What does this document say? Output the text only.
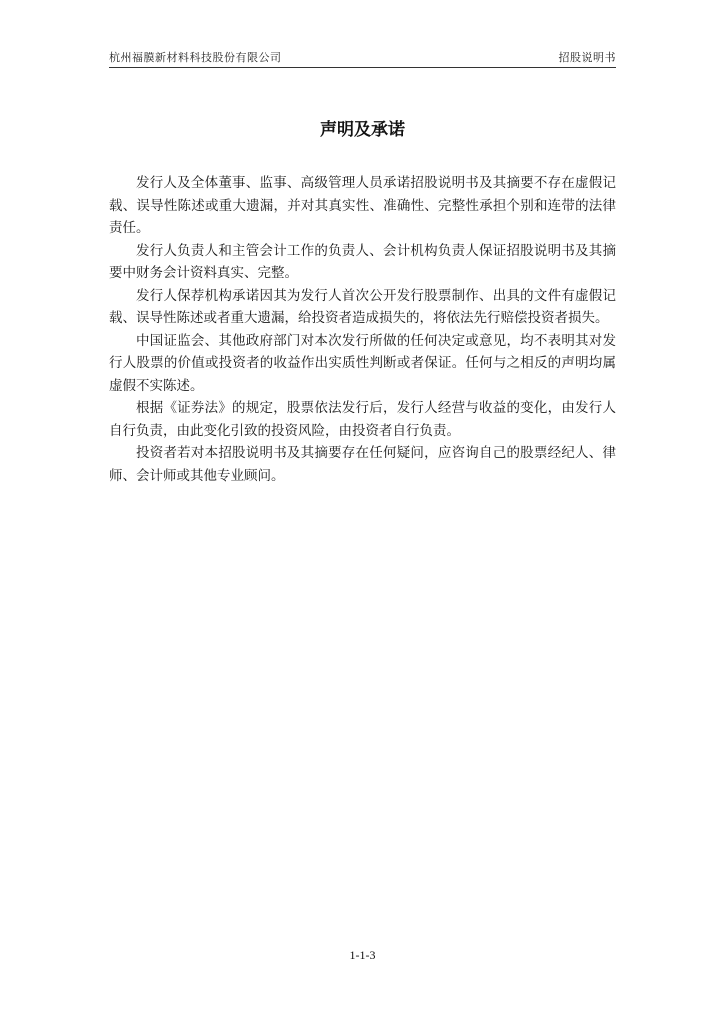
杭州福膜新材料科技股份有限公司	招股说明书
声明及承诺

发行人及全体董事、监事、高级管理人员承诺招股说明书及其摘要不存在虚假记载、误导性陈述或重大遗漏，并对其真实性、准确性、完整性承担个别和连带的法律责任。

发行人负责人和主管会计工作的负责人、会计机构负责人保证招股说明书及其摘要中财务会计资料真实、完整。

发行人保荐机构承诺因其为发行人首次公开发行股票制作、出具的文件有虚假记载、误导性陈述或者重大遗漏，给投资者造成损失的，将依法先行赔偿投资者损失。

中国证监会、其他政府部门对本次发行所做的任何决定或意见，均不表明其对发行人股票的价值或投资者的收益作出实质性判断或者保证。任何与之相反的声明均属虚假不实陈述。

根据《证券法》的规定，股票依法发行后，发行人经营与收益的变化，由发行人自行负责，由此变化引致的投资风险，由投资者自行负责。

投资者若对本招股说明书及其摘要存在任何疑问，应咨询自己的股票经纪人、律师、会计师或其他专业顾问。

1-1-3
